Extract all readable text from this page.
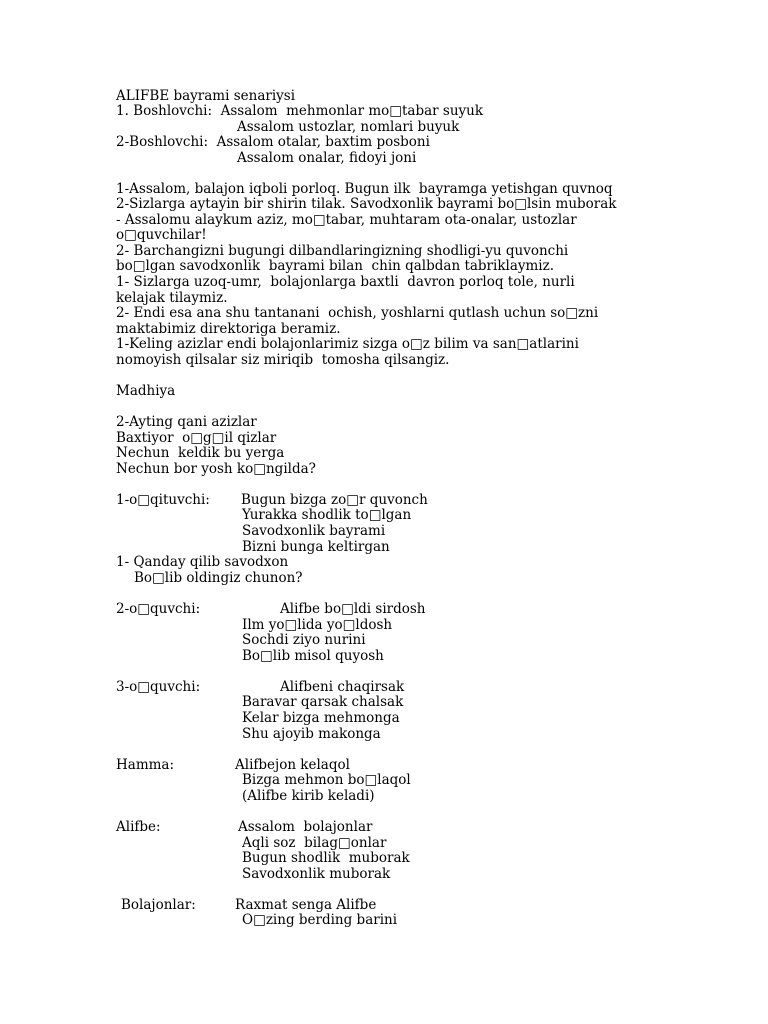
ALIFBE bayrami senariysi
1. Boshlovchi:  Assalom  mehmonlar mo□tabar suyuk
Assalom ustozlar, nomlari buyuk
2-Boshlovchi:  Assalom otalar, baxtim posboni
Assalom onalar, fidoyi joni
1-Assalom, balajon iqboli porloq. Bugun ilk  bayramga yetishgan quvnoq
2-Sizlarga aytayin bir shirin tilak. Savodxonlik bayrami bo□lsin muborak
- Assalomu alaykum aziz, mo□tabar, muhtaram ota-onalar, ustozlar
o□quvchilar!
2- Barchangizni bugungi dilbandlaringizning shodligi-yu quvonchi
bo□lgan savodxonlik  bayrami bilan  chin qalbdan tabriklaymiz.
1- Sizlarga uzoq-umr,  bolajonlarga baxtli  davron porloq tole, nurli
kelajak tilaymiz.
2- Endi esa ana shu tantanani  ochish, yoshlarni qutlash uchun so□zni
maktabimiz direktoriga beramiz.
1-Keling azizlar endi bolajonlarimiz sizga o□z bilim va san□atlarini
nomoyish qilsalar siz miriqib  tomosha qilsangiz.
Madhiya
2-Ayting qani azizlar
Baxtiyor  o□g□il qizlar
Nechun  keldik bu yerga
Nechun bor yosh ko□ngilda?
1-o□qituvchi: Bugun bizga zo□r quvonch
Yurakka shodlik to□lgan
Savodxonlik bayrami
Bizni bunga keltirgan
1- Qanday qilib savodxon
Bo□lib oldingiz chunon?
2-o□quvchi:	Alifbe bo□ldi sirdosh
Ilm yo□lida yo□ldosh
Sochdi ziyo nurini
Bo□lib misol quyosh
3-o□quvchi:	Alifbeni chaqirsak
Baravar qarsak chalsak
Kelar bizga mehmonga
Shu ajoyib makonga
Hamma:	Alifbejon kelaqol
Bizga mehmon bo□laqol
(Alifbe kirib keladi)
Alifbe:	Assalom  bolajonlar
Aqli soz  bilag□onlar
Bugun shodlik  muborak
Savodxonlik muborak
Bolajonlar:	Raxmat senga Alifbe
O□zing berding barini
